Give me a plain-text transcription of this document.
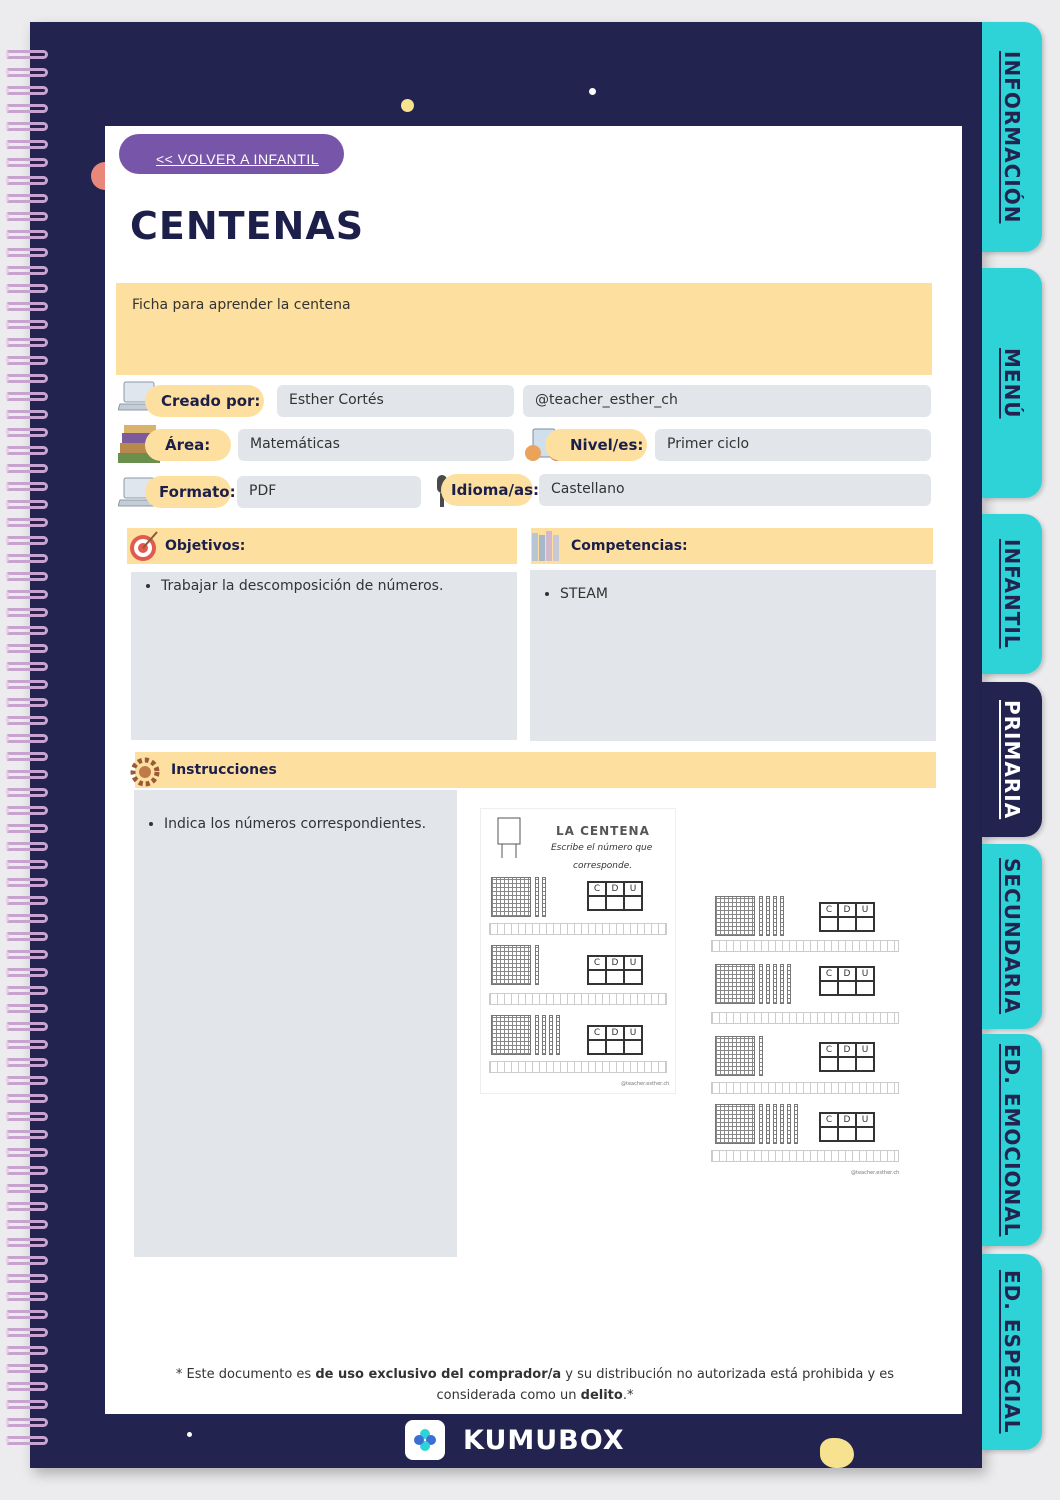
INFORMACIÓN
MENÚ
INFANTIL
PRIMARIA
SECUNDARIA
ED. EMOCIONAL
ED. ESPECIAL
<< VOLVER A INFANTIL
CENTENAS
Ficha para aprender la centena
Creado por:	Esther Cortés	@teacher_esther_ch
Área:	Matemáticas	Nivel/es:	Primer ciclo
Formato: PDF	Idioma/as: Castellano
Objetivos:
• Trabajar la descomposición de números.
Competencias:
• STEAM
Instrucciones
• Indica los números correspondientes.	LA CENTENA
Escribe el número que
corresponde.
C	D	U
C	D	U
C	D	U
@teacher.esther.ch
C	D	U
C	D	U
C	D	U
C	D	U
@teacher.esther.ch

* Este documento es de uso exclusivo del comprador/a y su distribución no autorizada está prohibida y es considerada como un delito.*

KUMUBOX
